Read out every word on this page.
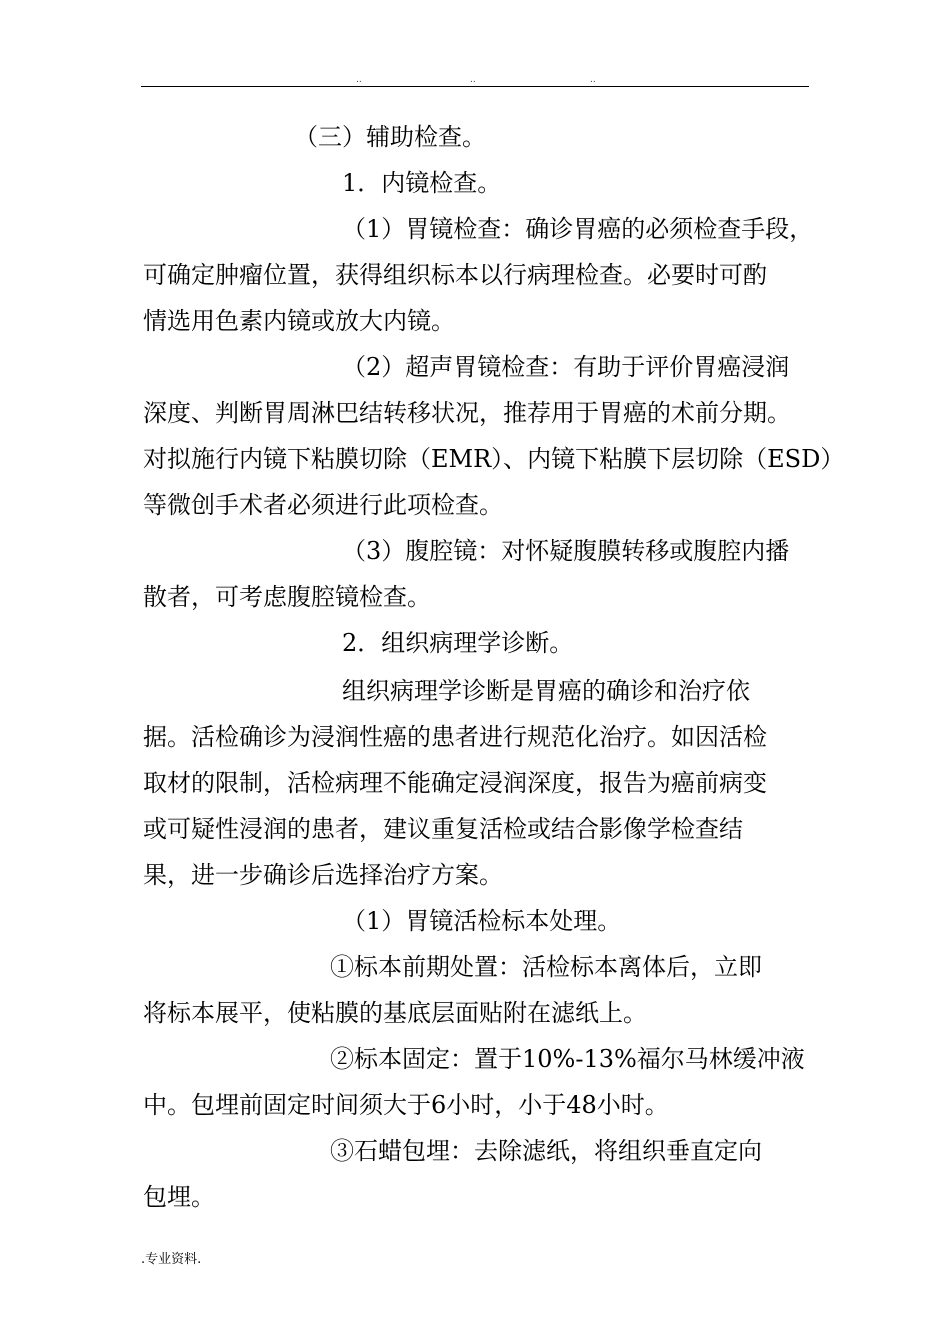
..	..	..
（三）辅助检查。
1．内镜检查。
（1）胃镜检查：确诊胃癌的必须检查手段，
可确定肿瘤位置，获得组织标本以行病理检查。必要时可酌
情选用色素内镜或放大内镜。
（2）超声胃镜检查：有助于评价胃癌浸润
深度、判断胃周淋巴结转移状况，推荐用于胃癌的术前分期。
对拟施行内镜下粘膜切除（EMR）、内镜下粘膜下层切除（ESD）
等微创手术者必须进行此项检查。
（3）腹腔镜：对怀疑腹膜转移或腹腔内播
散者，可考虑腹腔镜检查。
2．组织病理学诊断。
组织病理学诊断是胃癌的确诊和治疗依
据。活检确诊为浸润性癌的患者进行规范化治疗。如因活检
取材的限制，活检病理不能确定浸润深度，报告为癌前病变
或可疑性浸润的患者，建议重复活检或结合影像学检查结
果，进一步确诊后选择治疗方案。
（1）胃镜活检标本处理。
①标本前期处置：活检标本离体后，立即
将标本展平，使粘膜的基底层面贴附在滤纸上。
②标本固定：置于10%-13%福尔马林缓冲液
中。包埋前固定时间须大于6小时，小于48小时。
③石蜡包埋：去除滤纸，将组织垂直定向
包埋。
.专业资料.
